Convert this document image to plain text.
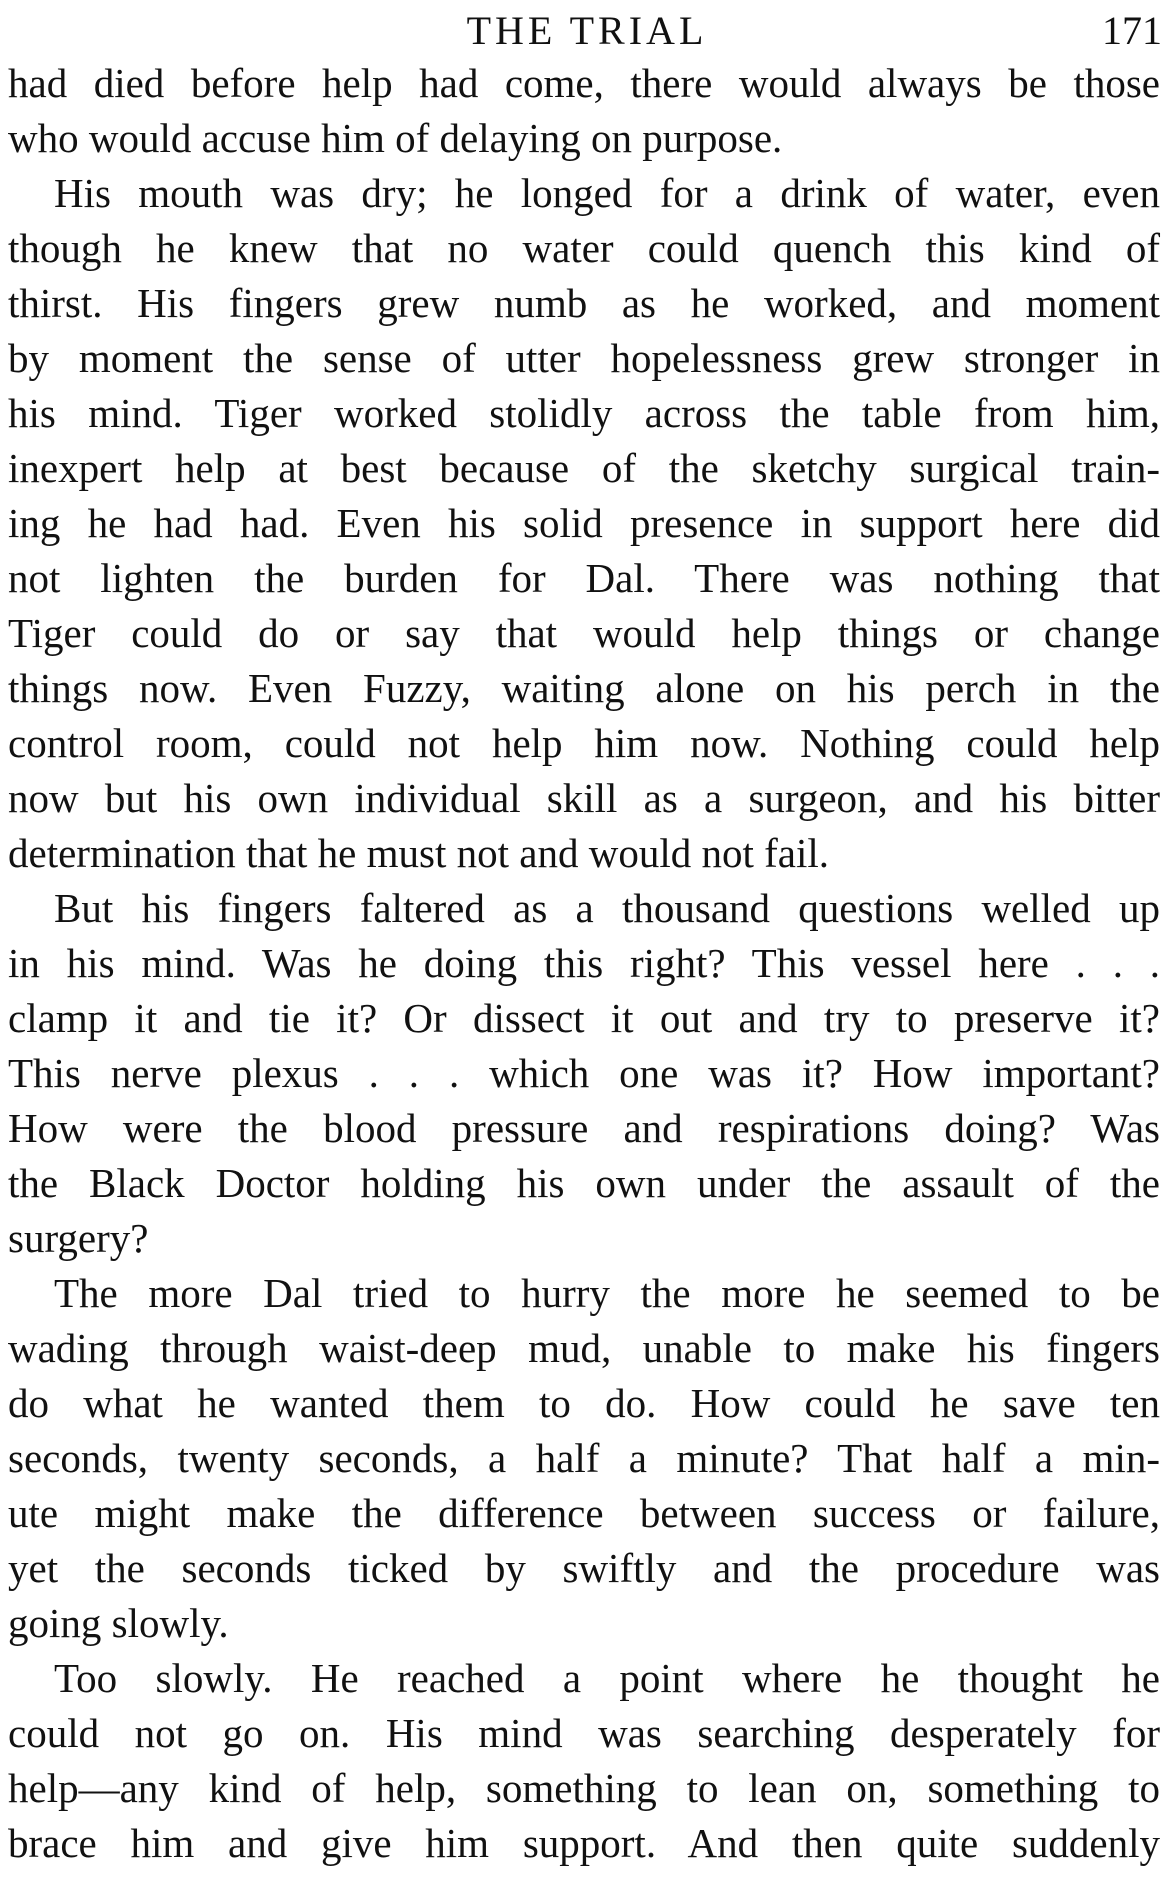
THE TRIAL	171
had died before help had come, there would always be those
who would accuse him of delaying on purpose.
His mouth was dry; he longed for a drink of water, even
though he knew that no water could quench this kind of
thirst. His fingers grew numb as he worked, and moment
by moment the sense of utter hopelessness grew stronger in
his mind. Tiger worked stolidly across the table from him,
inexpert help at best because of the sketchy surgical train-
ing he had had. Even his solid presence in support here did
not lighten the burden for Dal. There was nothing that
Tiger could do or say that would help things or change
things now. Even Fuzzy, waiting alone on his perch in the
control room, could not help him now. Nothing could help
now but his own individual skill as a surgeon, and his bitter
determination that he must not and would not fail.
But his fingers faltered as a thousand questions welled up
in his mind. Was he doing this right? This vessel here . . .
clamp it and tie it? Or dissect it out and try to preserve it?
This nerve plexus . . . which one was it? How important?
How were the blood pressure and respirations doing? Was
the Black Doctor holding his own under the assault of the
surgery?
The more Dal tried to hurry the more he seemed to be
wading through waist-deep mud, unable to make his fingers
do what he wanted them to do. How could he save ten
seconds, twenty seconds, a half a minute? That half a min-
ute might make the difference between success or failure,
yet the seconds ticked by swiftly and the procedure was
going slowly.
Too slowly. He reached a point where he thought he
could not go on. His mind was searching desperately for
help—any kind of help, something to lean on, something to
brace him and give him support. And then quite suddenly
